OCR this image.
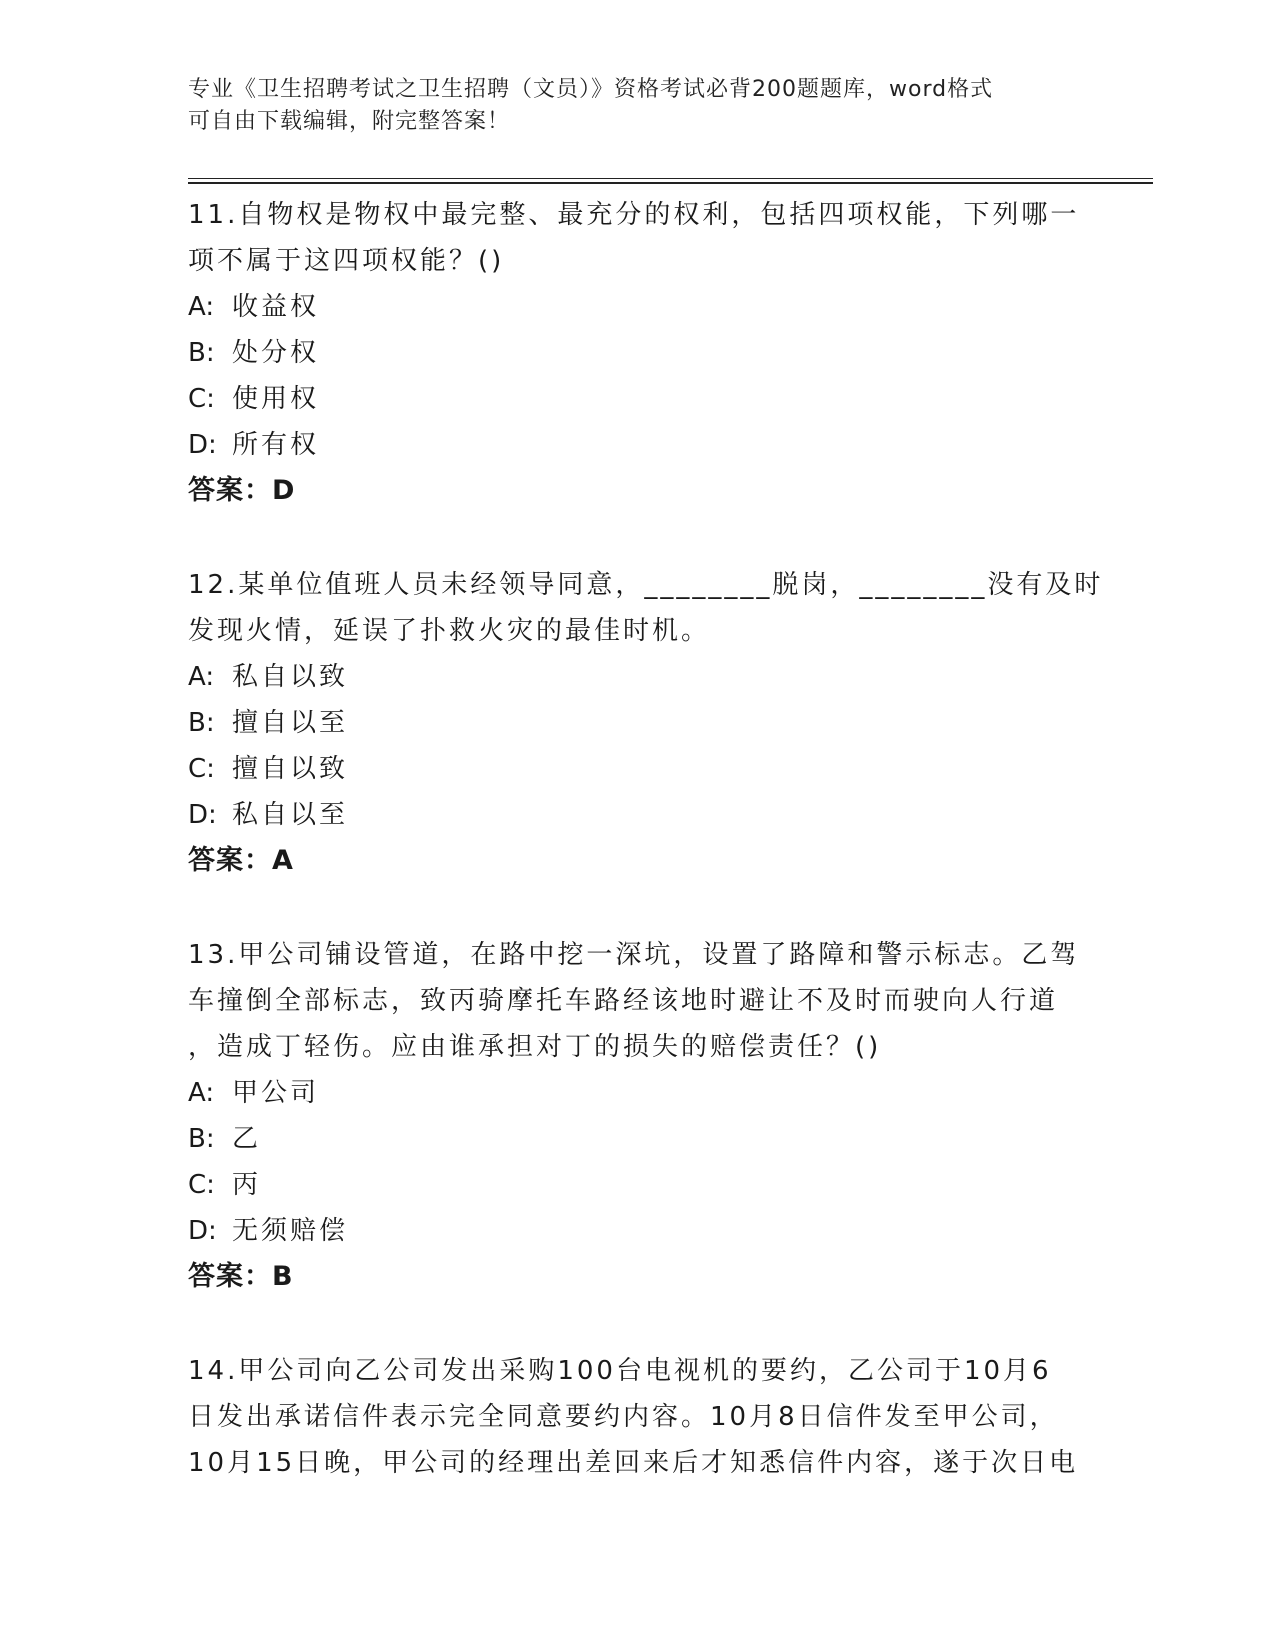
专业《卫生招聘考试之卫生招聘（文员）》资格考试必背200题题库，word格式
可自由下载编辑，附完整答案！
11.自物权是物权中最完整、最充分的权利，包括四项权能，下列哪一
项不属于这四项权能？()
A: 收益权
B: 处分权
C: 使用权
D: 所有权
答案：D
12.某单位值班人员未经领导同意，________脱岗，________没有及时
发现火情，延误了扑救火灾的最佳时机。
A: 私自以致
B: 擅自以至
C: 擅自以致
D: 私自以至
答案：A
13.甲公司铺设管道，在路中挖一深坑，设置了路障和警示标志。乙驾
车撞倒全部标志，致丙骑摩托车路经该地时避让不及时而驶向人行道
，造成丁轻伤。应由谁承担对丁的损失的赔偿责任？()
A: 甲公司
B: 乙
C: 丙
D: 无须赔偿
答案：B
14.甲公司向乙公司发出采购100台电视机的要约，乙公司于10月6
日发出承诺信件表示完全同意要约内容。10月8日信件发至甲公司，
10月15日晚，甲公司的经理出差回来后才知悉信件内容，遂于次日电
